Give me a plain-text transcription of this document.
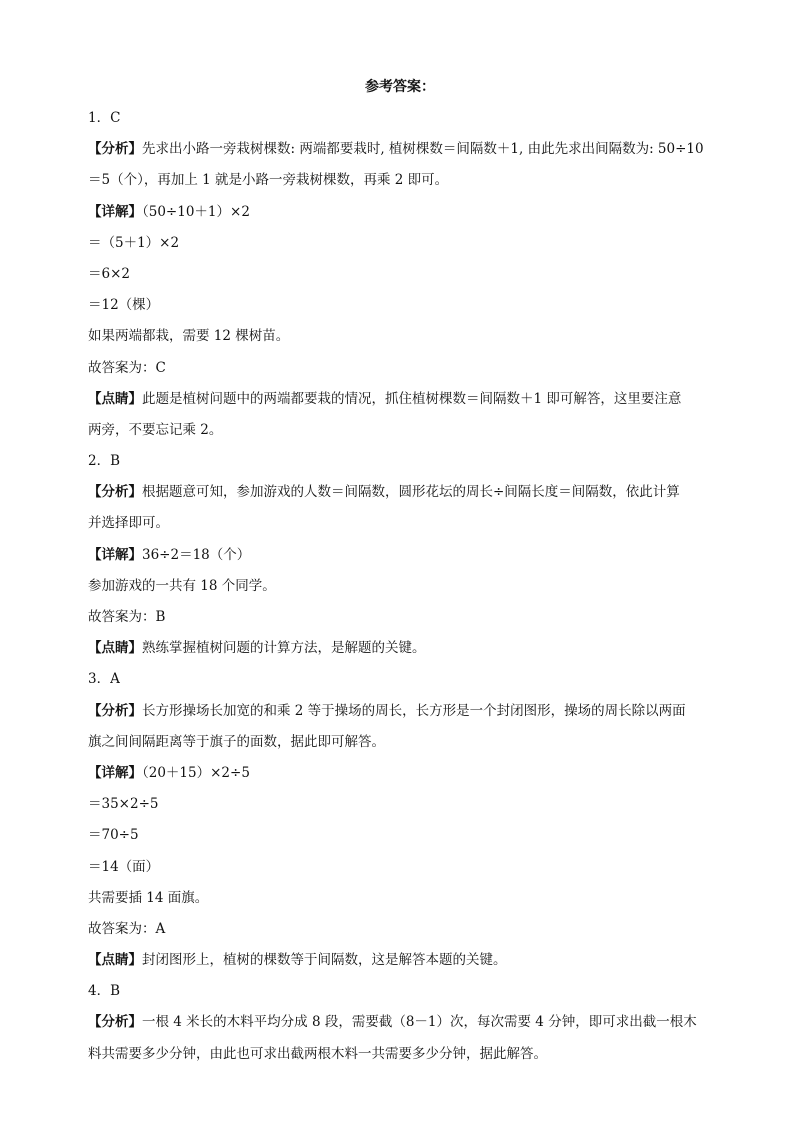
参考答案：
1．C
【分析】先求出小路一旁栽树棵数: 两端都要栽时, 植树棵数＝间隔数＋1, 由此先求出间隔数为: 50÷10
＝5（个），再加上 1 就是小路一旁栽树棵数，再乘 2 即可。
【详解】（50÷10＋1）×2
＝（5＋1）×2
＝6×2
＝12（棵）
如果两端都栽，需要 12 棵树苗。
故答案为：C
【点睛】此题是植树问题中的两端都要栽的情况，抓住植树棵数＝间隔数＋1 即可解答，这里要注意
两旁，不要忘记乘 2。
2．B
【分析】根据题意可知，参加游戏的人数＝间隔数，圆形花坛的周长÷间隔长度＝间隔数，依此计算
并选择即可。
【详解】36÷2＝18（个）
参加游戏的一共有 18 个同学。
故答案为：B
【点睛】熟练掌握植树问题的计算方法，是解题的关键。
3．A
【分析】长方形操场长加宽的和乘 2 等于操场的周长，长方形是一个封闭图形，操场的周长除以两面
旗之间间隔距离等于旗子的面数，据此即可解答。
【详解】（20＋15）×2÷5
＝35×2÷5
＝70÷5
＝14（面）
共需要插 14 面旗。
故答案为：A
【点睛】封闭图形上，植树的棵数等于间隔数，这是解答本题的关键。
4．B
【分析】一根 4 米长的木料平均分成 8 段，需要截（8－1）次，每次需要 4 分钟，即可求出截一根木
料共需要多少分钟，由此也可求出截两根木料一共需要多少分钟，据此解答。
